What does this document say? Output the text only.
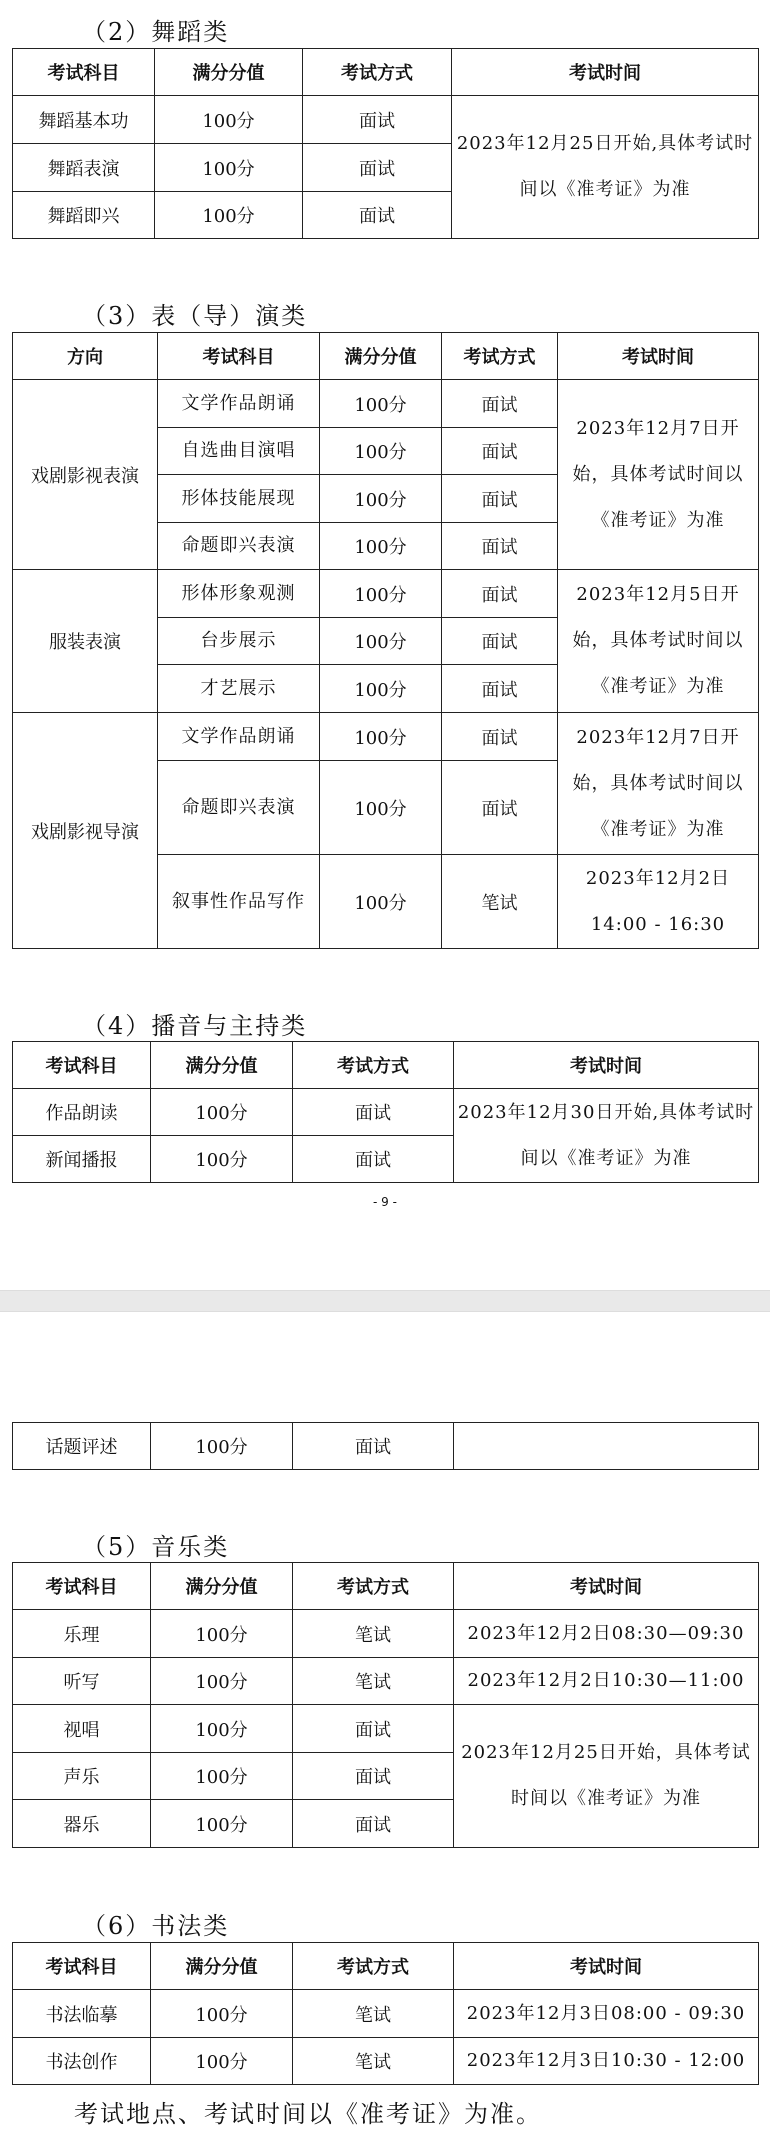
（2）舞蹈类
考试科目	满分分值	考试方式	考试时间
舞蹈基本功	100分	面试	2023年12月25日开始,具体考试时间以《准考证》为准
舞蹈表演	100分	面试	
舞蹈即兴	100分	面试	
（3）表（导）演类
方向	考试科目	满分分值	考试方式	考试时间
戏剧影视表演	文学作品朗诵	100分	面试	2023年12月7日开始，具体考试时间以《准考证》为准
	自选曲目演唱	100分	面试	
	形体技能展现	100分	面试	
	命题即兴表演	100分	面试	
服装表演	形体形象观测	100分	面试	2023年12月5日开始，具体考试时间以《准考证》为准
	台步展示	100分	面试	
	才艺展示	100分	面试	
戏剧影视导演	文学作品朗诵	100分	面试	2023年12月7日开始，具体考试时间以《准考证》为准
	命题即兴表演	100分	面试	
	叙事性作品写作	100分	笔试	2023年12月2日 14:00 - 16:30
（4）播音与主持类
考试科目	满分分值	考试方式	考试时间
作品朗读	100分	面试	2023年12月30日开始,具体考试时间以《准考证》为准
新闻播报	100分	面试	
- 9 -
话题评述	100分	面试	
（5）音乐类
考试科目	满分分值	考试方式	考试时间
乐理	100分	笔试	2023年12月2日08:30—09:30
听写	100分	笔试	2023年12月2日10:30—11:00
视唱	100分	面试	2023年12月25日开始，具体考试时间以《准考证》为准
声乐	100分	面试	
器乐	100分	面试	
（6）书法类
考试科目	满分分值	考试方式	考试时间
书法临摹	100分	笔试	2023年12月3日08:00 - 09:30
书法创作	100分	笔试	2023年12月3日10:30 - 12:00
考试地点、考试时间以《准考证》为准。
